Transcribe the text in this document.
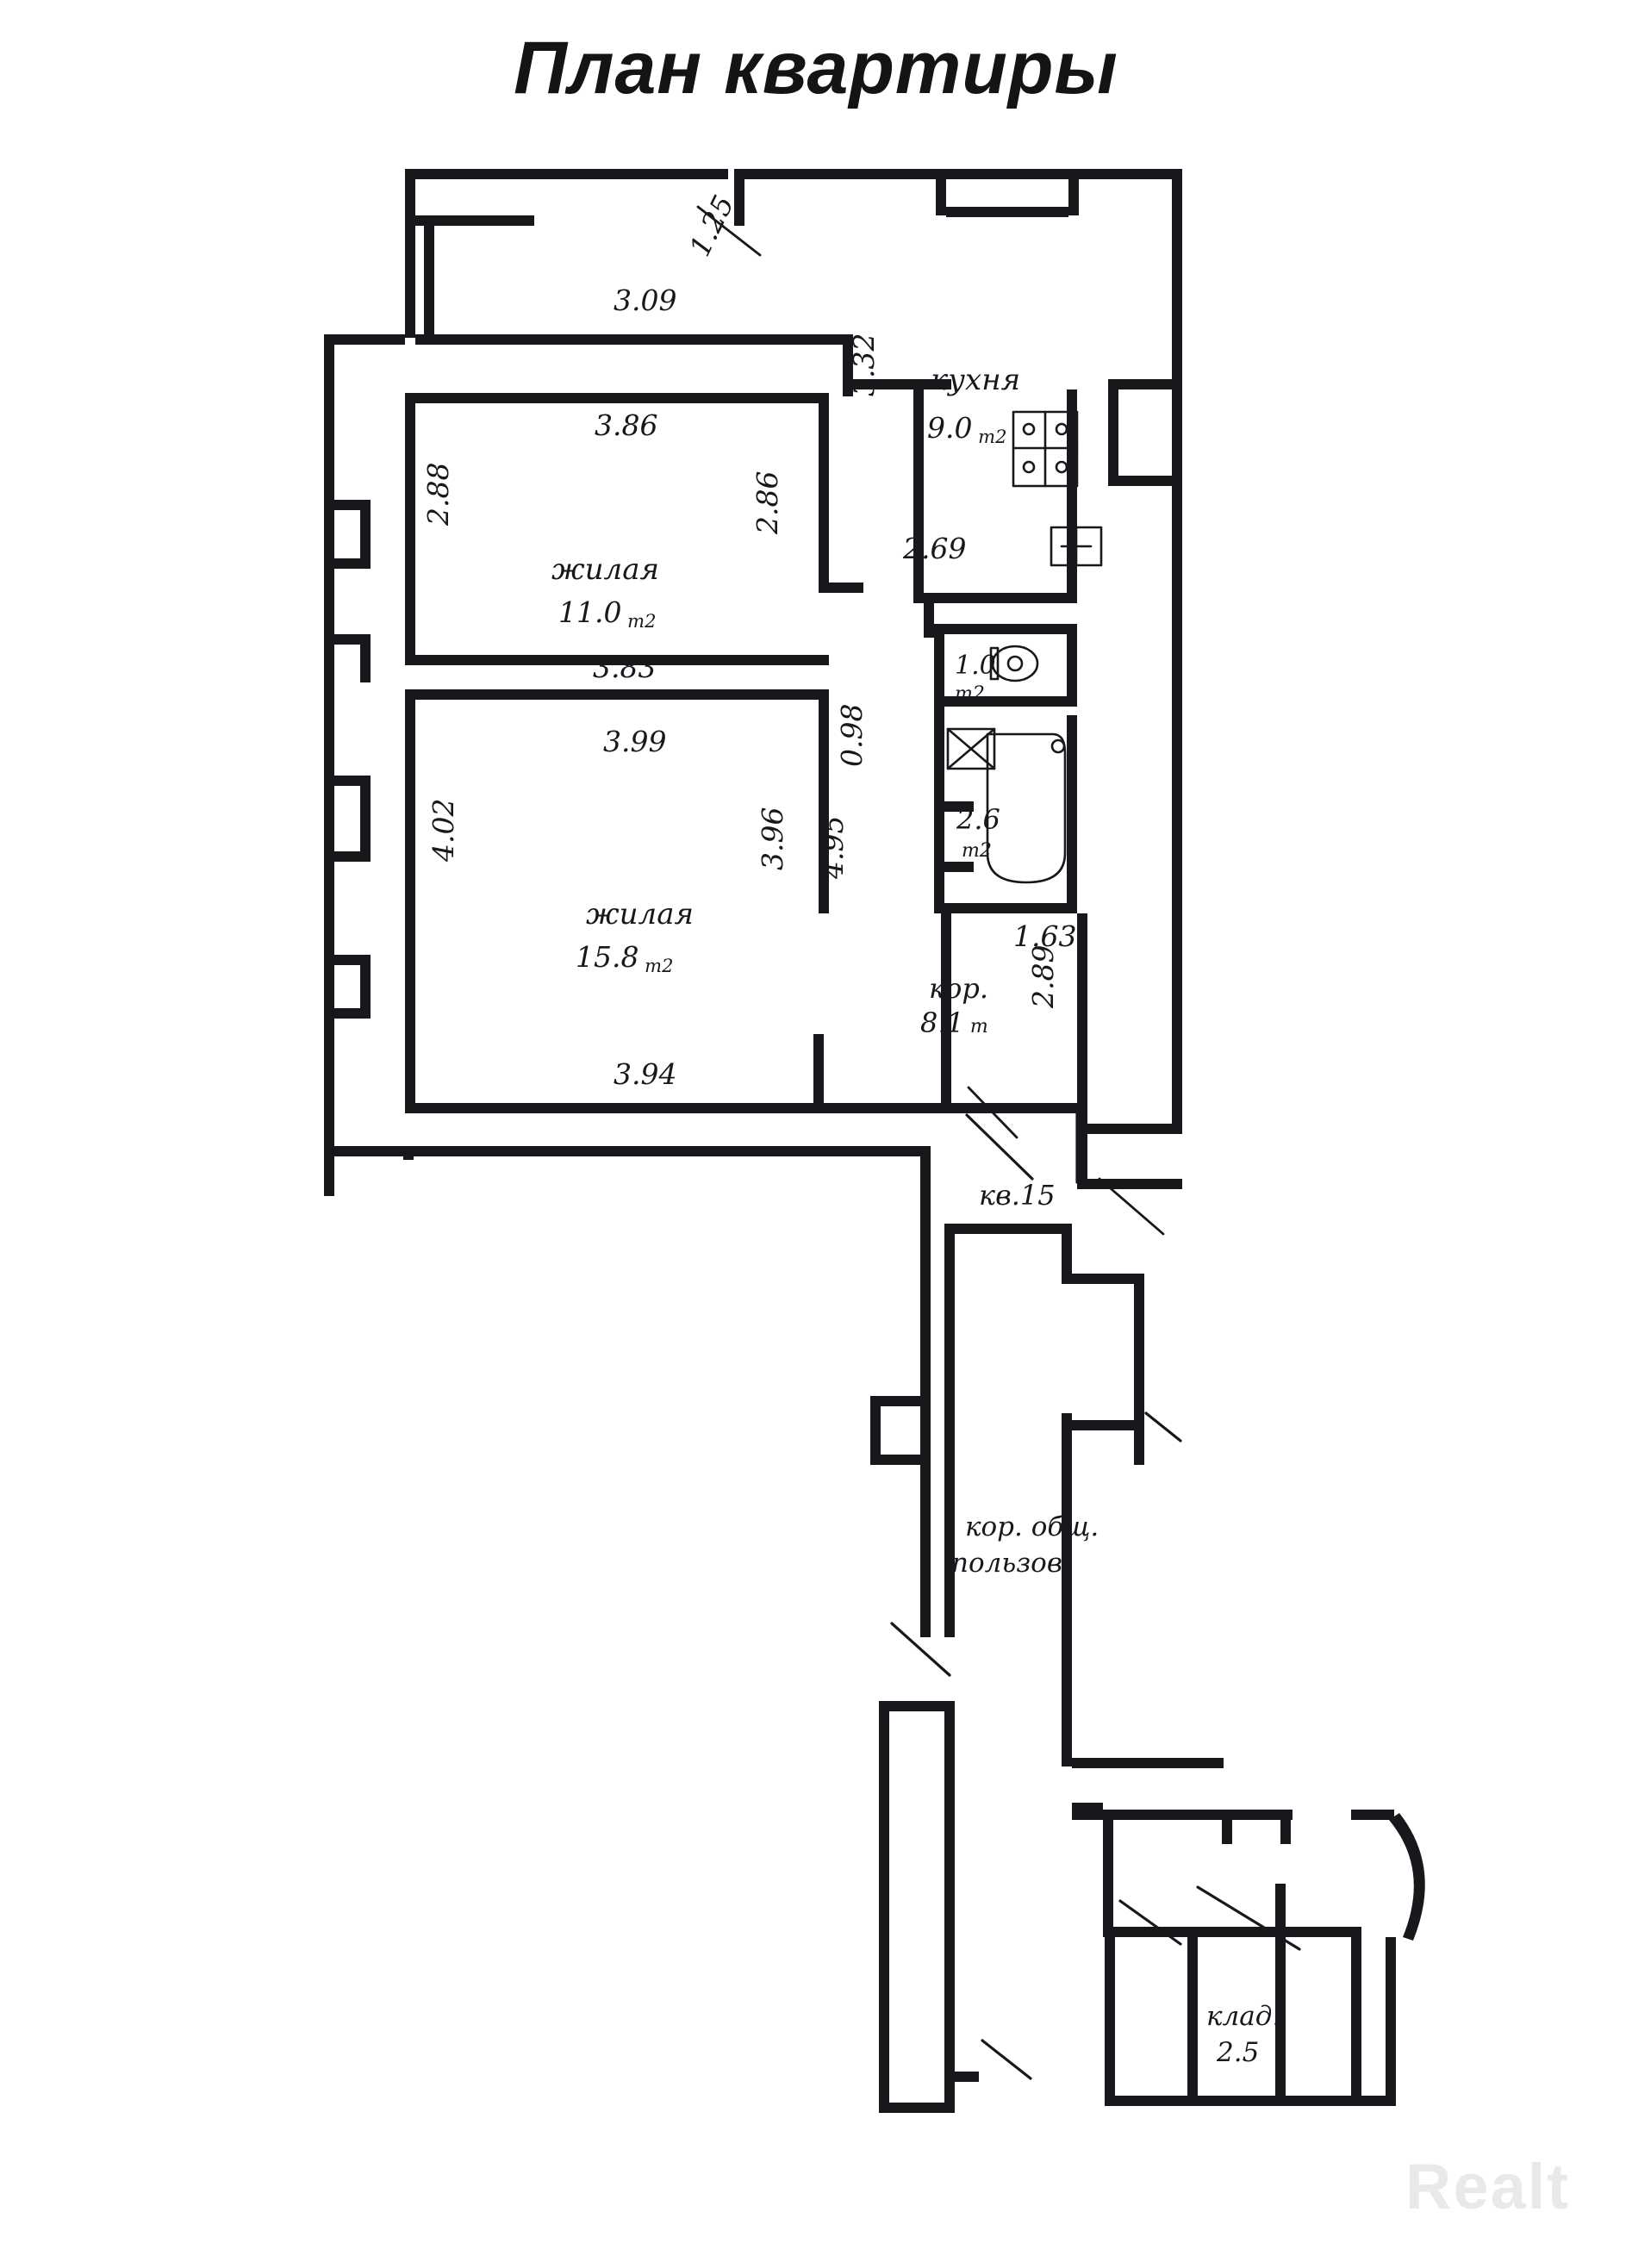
План квартиры
кухня
9.0 m2
жилая
11.0 m2
жилая
15.8 m2
1.0
m2
2.6
m2
кор.
8.1 m
кв.15
кор. общ.
пользов.
клад.
2.5
3.09
3.86
2.69
3.83
3.99
1.63
3.94
1.25
3.32
2.88	2.86
0.98
4.02	3.96 4.95
2.89
Realt
